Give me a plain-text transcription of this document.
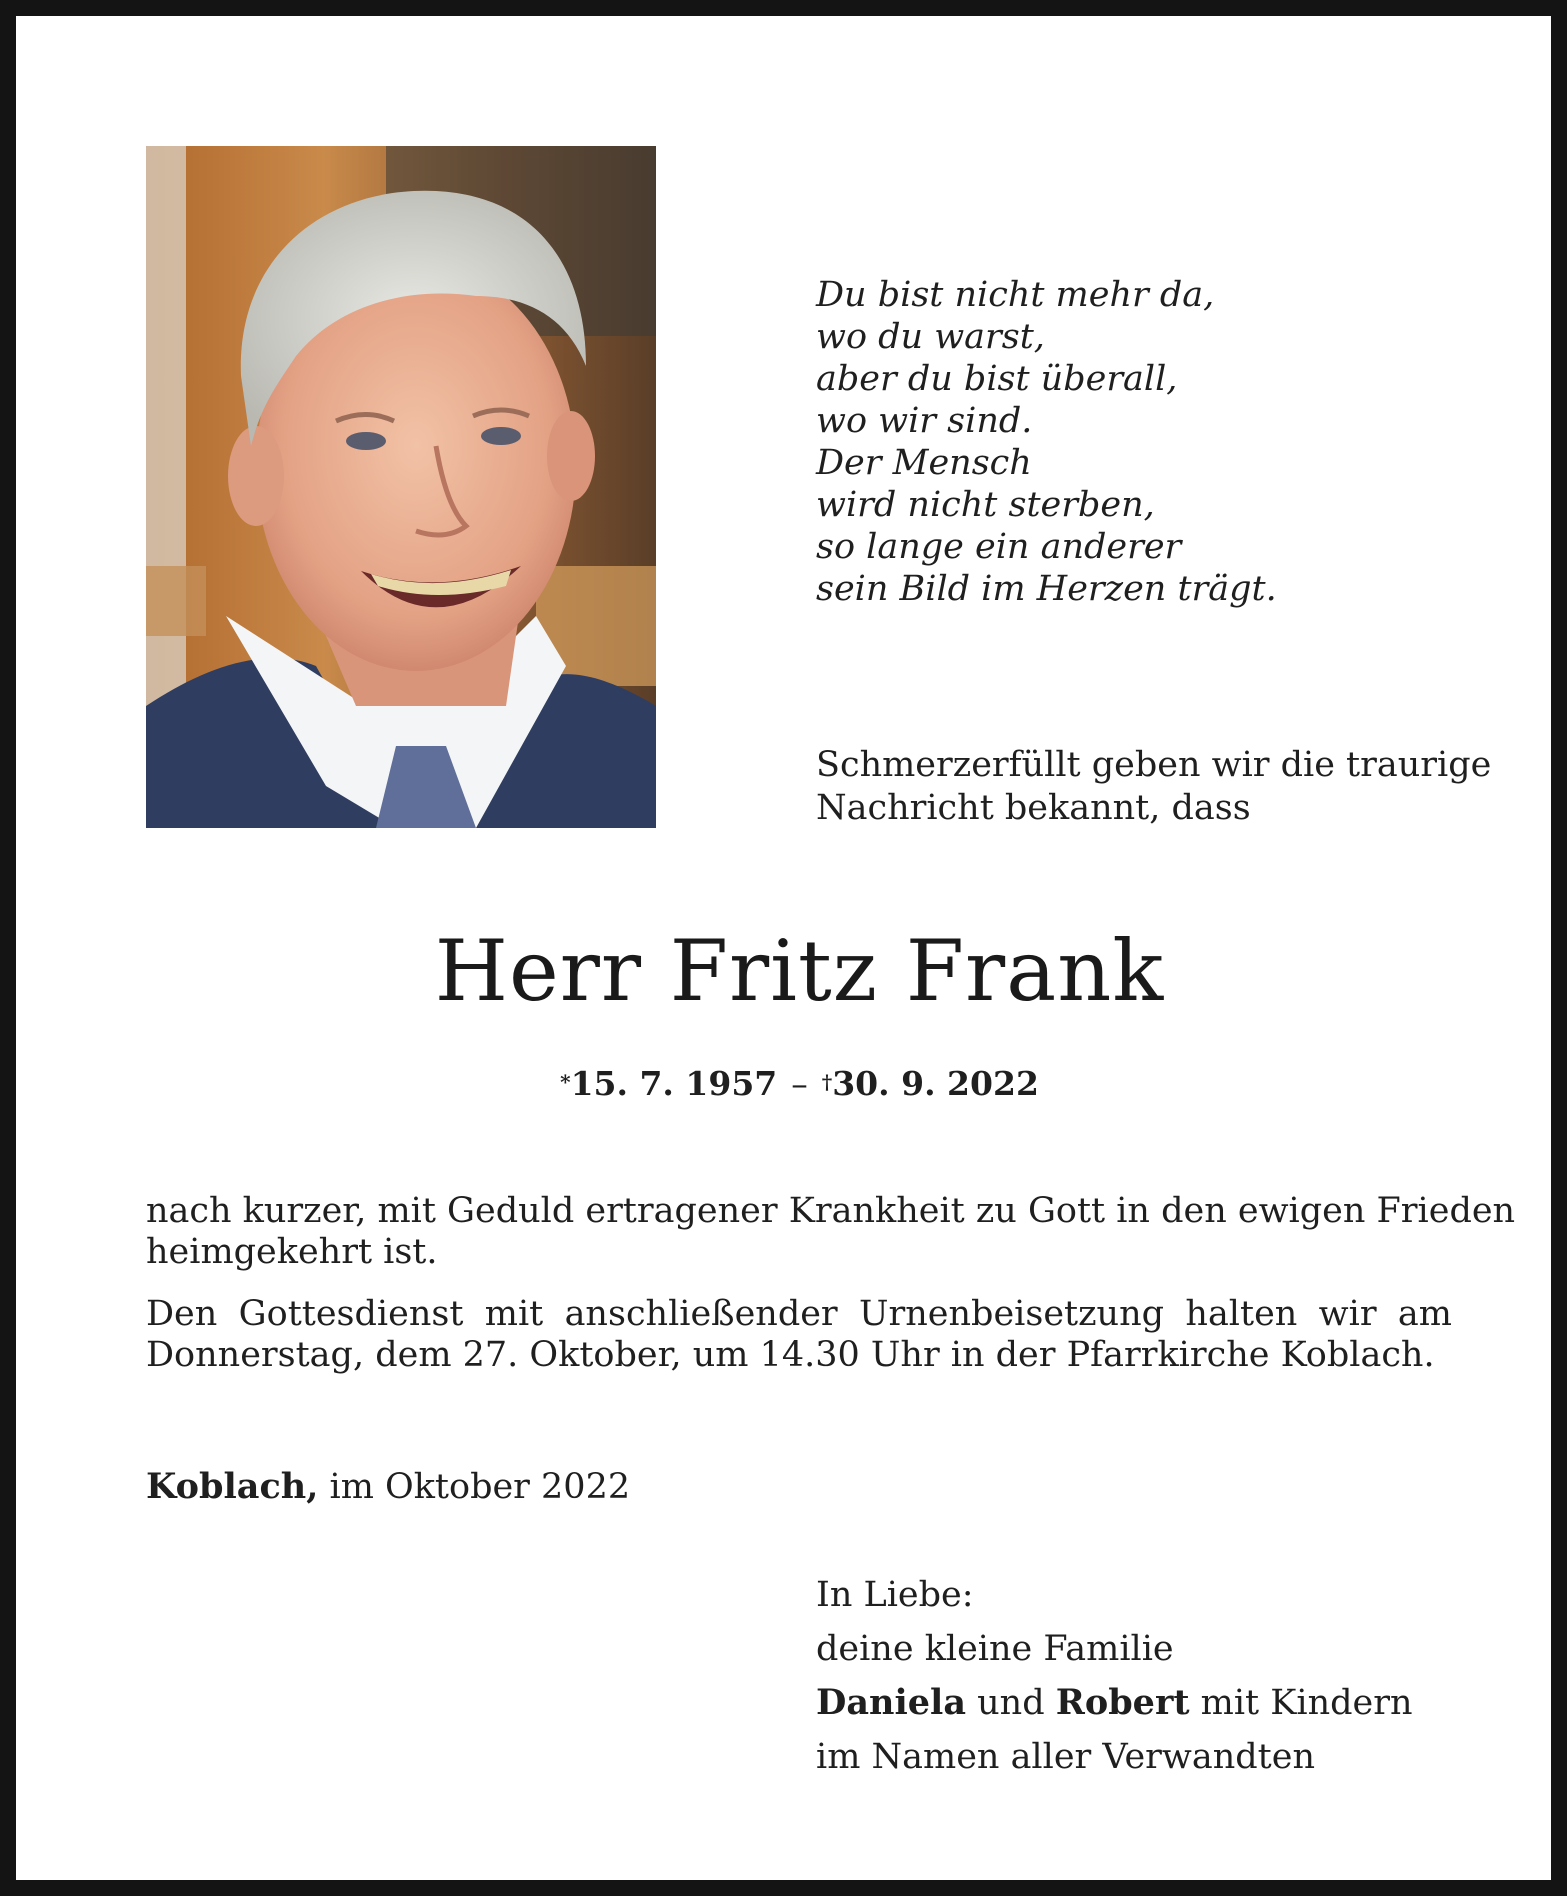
Du bist nicht mehr da,
wo du warst,
aber du bist überall,
wo wir sind.
Der Mensch
wird nicht sterben,
so lange ein anderer
sein Bild im Herzen trägt.
Schmerzerfüllt geben wir die traurige
Nachricht bekannt, dass
Herr Fritz Frank
*15. 7. 1957 – †30. 9. 2022
nach kurzer, mit Geduld ertragener Krankheit zu Gott in den ewigen Frieden
heimgekehrt ist.
Den Gottesdienst mit anschließender Urnenbeisetzung halten wir am
Donnerstag, dem 27. Oktober, um 14.30 Uhr in der Pfarrkirche Koblach.
Koblach, im Oktober 2022
In Liebe:
deine kleine Familie
Daniela und Robert mit Kindern
im Namen aller Verwandten
